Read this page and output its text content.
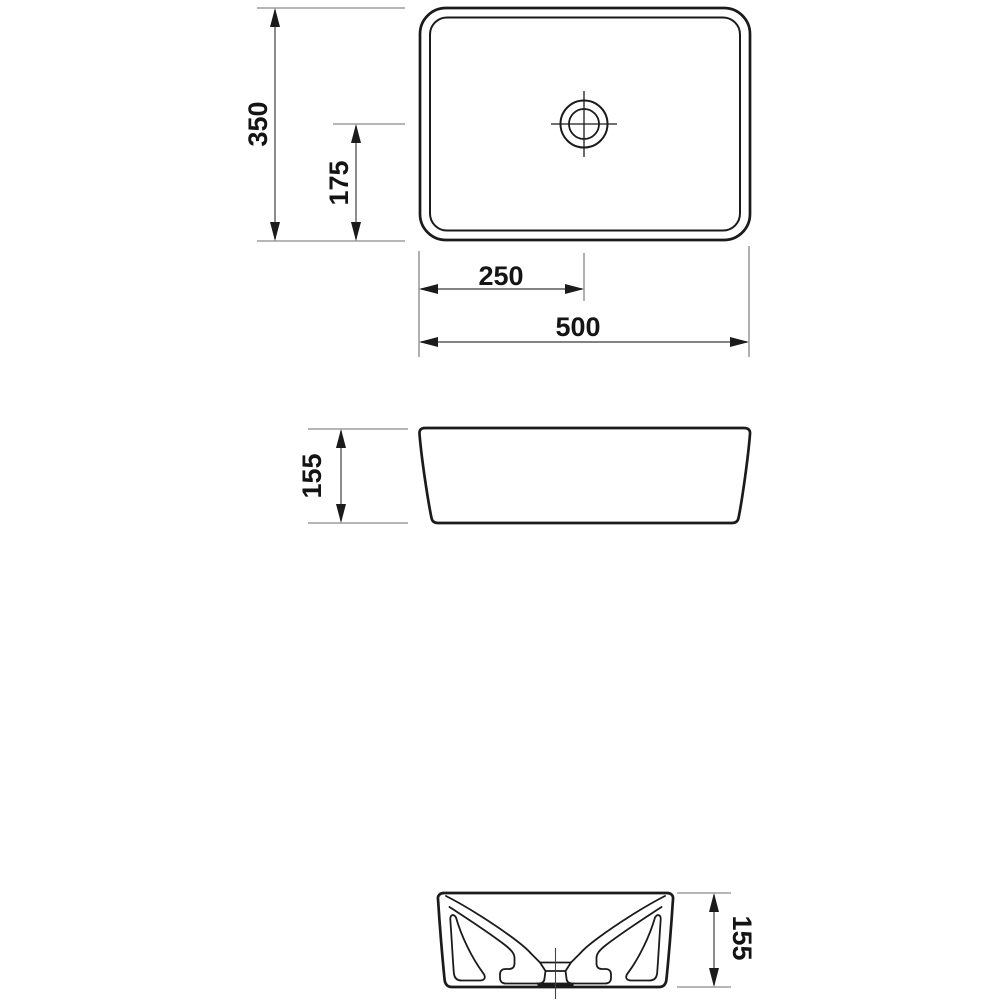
350
175
250
500
155
155
